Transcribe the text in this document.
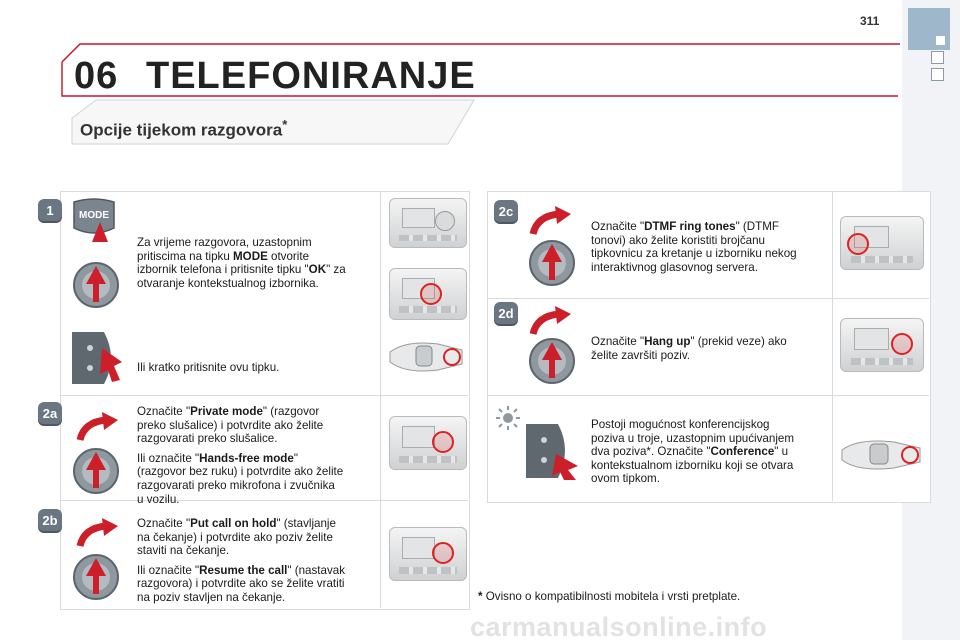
311
06 TELEFONIRANJE
Opcije tijekom razgovora*
1	MODE
Za vrijeme razgovora, uzastopnim
pritiscima na tipku MODE otvorite
izbornik telefona i pritisnite tipku "OK" za
otvaranje kontekstualnog izbornika.
Ili kratko pritisnite ovu tipku.
2a	Označite "Private mode" (razgovor
preko slušalice) i potvrdite ako želite
razgovarati preko slušalice.
Ili označite "Hands-free mode"
(razgovor bez ruku) i potvrdite ako želite
razgovarati preko mikrofona i zvučnika
u vozilu.
2b	Označite "Put call on hold" (stavljanje
na čekanje) i potvrdite ako poziv želite
staviti na čekanje.
Ili označite "Resume the call" (nastavak
razgovora) i potvrdite ako se želite vratiti
na poziv stavljen na čekanje.
2c
Označite "DTMF ring tones" (DTMF
tonovi) ako želite koristiti brojčanu
tipkovnicu za kretanje u izborniku nekog
interaktivnog glasovnog servera.
2d
Označite "Hang up" (prekid veze) ako
želite završiti poziv.
Postoji mogućnost konferencijskog
poziva u troje, uzastopnim upućivanjem
dva poziva*. Označite "Conference" u
kontekstualnom izborniku koji se otvara
ovom tipkom.
* Ovisno o kompatibilnosti mobitela i vrsti pretplate.
carmanualsonline.info
